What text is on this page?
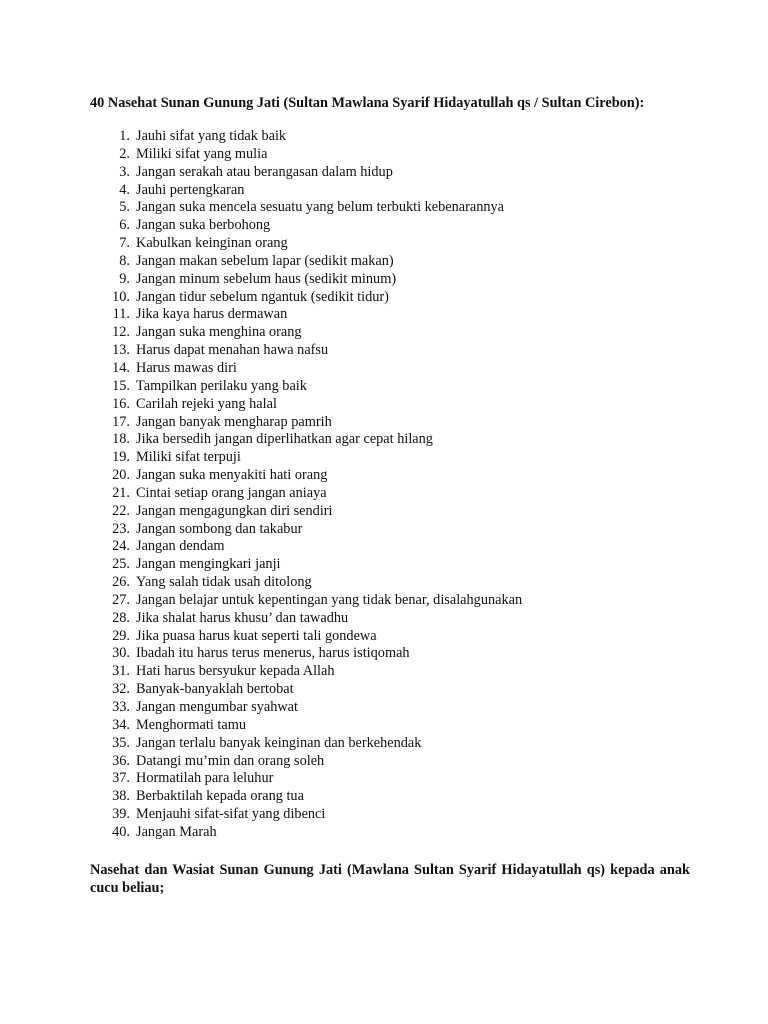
40 Nasehat Sunan Gunung Jati (Sultan Mawlana Syarif Hidayatullah qs / Sultan Cirebon):

1. Jauhi sifat yang tidak baik
2. Miliki sifat yang mulia
3. Jangan serakah atau berangasan dalam hidup
4. Jauhi pertengkaran
5. Jangan suka mencela sesuatu yang belum terbukti kebenarannya
6. Jangan suka berbohong
7. Kabulkan keinginan orang
8. Jangan makan sebelum lapar (sedikit makan)
9. Jangan minum sebelum haus (sedikit minum)
10. Jangan tidur sebelum ngantuk (sedikit tidur)
11. Jika kaya harus dermawan
12. Jangan suka menghina orang
13. Harus dapat menahan hawa nafsu
14. Harus mawas diri
15. Tampilkan perilaku yang baik
16. Carilah rejeki yang halal
17. Jangan banyak mengharap pamrih
18. Jika bersedih jangan diperlihatkan agar cepat hilang
19. Miliki sifat terpuji
20. Jangan suka menyakiti hati orang
21. Cintai setiap orang jangan aniaya
22. Jangan mengagungkan diri sendiri
23. Jangan sombong dan takabur
24. Jangan dendam
25. Jangan mengingkari janji
26. Yang salah tidak usah ditolong
27. Jangan belajar untuk kepentingan yang tidak benar, disalahgunakan
28. Jika shalat harus khusu’ dan tawadhu
29. Jika puasa harus kuat seperti tali gondewa
30. Ibadah itu harus terus menerus, harus istiqomah
31. Hati harus bersyukur kepada Allah
32. Banyak-banyaklah bertobat
33. Jangan mengumbar syahwat
34. Menghormati tamu
35. Jangan terlalu banyak keinginan dan berkehendak
36. Datangi mu’min dan orang soleh
37. Hormatilah para leluhur
38. Berbaktilah kepada orang tua
39. Menjauhi sifat-sifat yang dibenci
40. Jangan Marah

Nasehat dan Wasiat Sunan Gunung Jati (Mawlana Sultan Syarif Hidayatullah qs) kepada anak cucu beliau;
